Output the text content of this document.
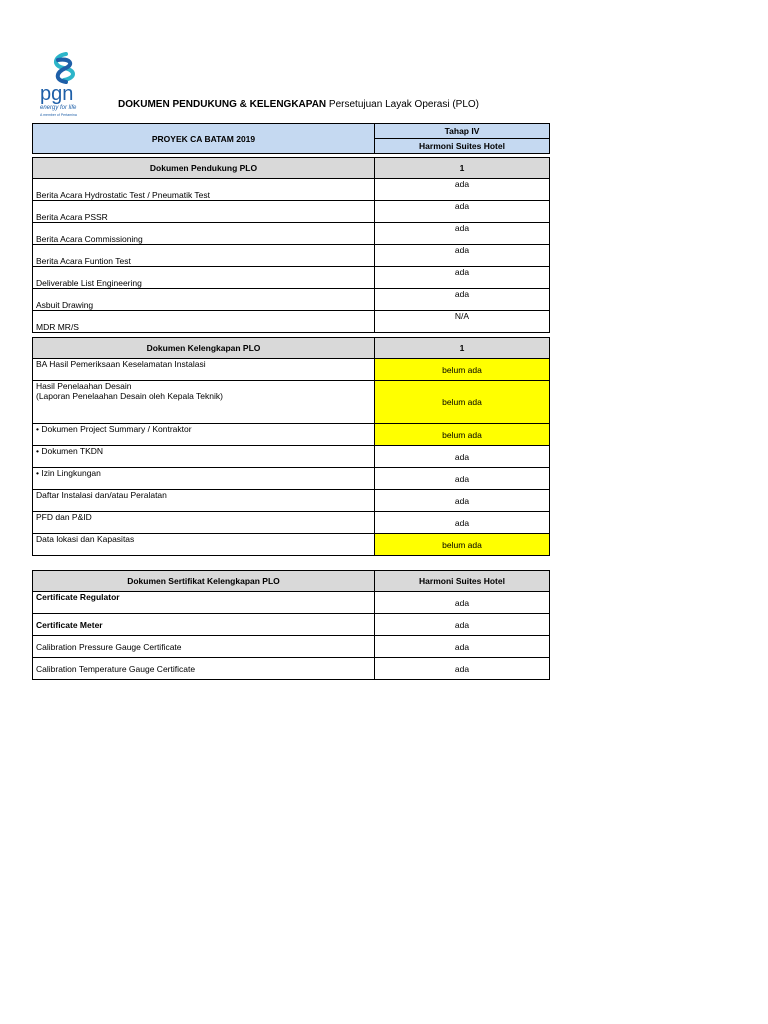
pgn
energy for life
A member of Pertamina
DOKUMEN PENDUKUNG & KELENGKAPAN Persetujuan Layak Operasi (PLO)
PROYEK CA BATAM 2019	Tahap IV
Harmoni Suites Hotel
Dokumen Pendukung PLO	1
Berita Acara Hydrostatic Test / Pneumatik Test	ada
Berita Acara PSSR	ada
Berita Acara Commissioning	ada
Berita Acara Funtion Test	ada
Deliverable List Engineering	ada
Asbuit Drawing	ada
MDR MR/S	N/A
Dokumen Kelengkapan PLO	1
BA Hasil Pemeriksaan Keselamatan Instalasi	belum ada

Hasil Penelaahan Desain
(Laporan Penelaahan Desain oleh Kepala Teknik)	belum ada
• Dokumen Project Summary / Kontraktor	belum ada
• Dokumen TKDN	ada
• Izin Lingkungan	ada
Daftar Instalasi dan/atau Peralatan	ada
PFD dan P&ID	ada
Data lokasi dan Kapasitas	belum ada
Dokumen Sertifikat Kelengkapan PLO	Harmoni Suites Hotel
Certificate Regulator	ada
Certificate Meter	ada
Calibration Pressure Gauge Certificate	ada
Calibration Temperature Gauge Certificate	ada
